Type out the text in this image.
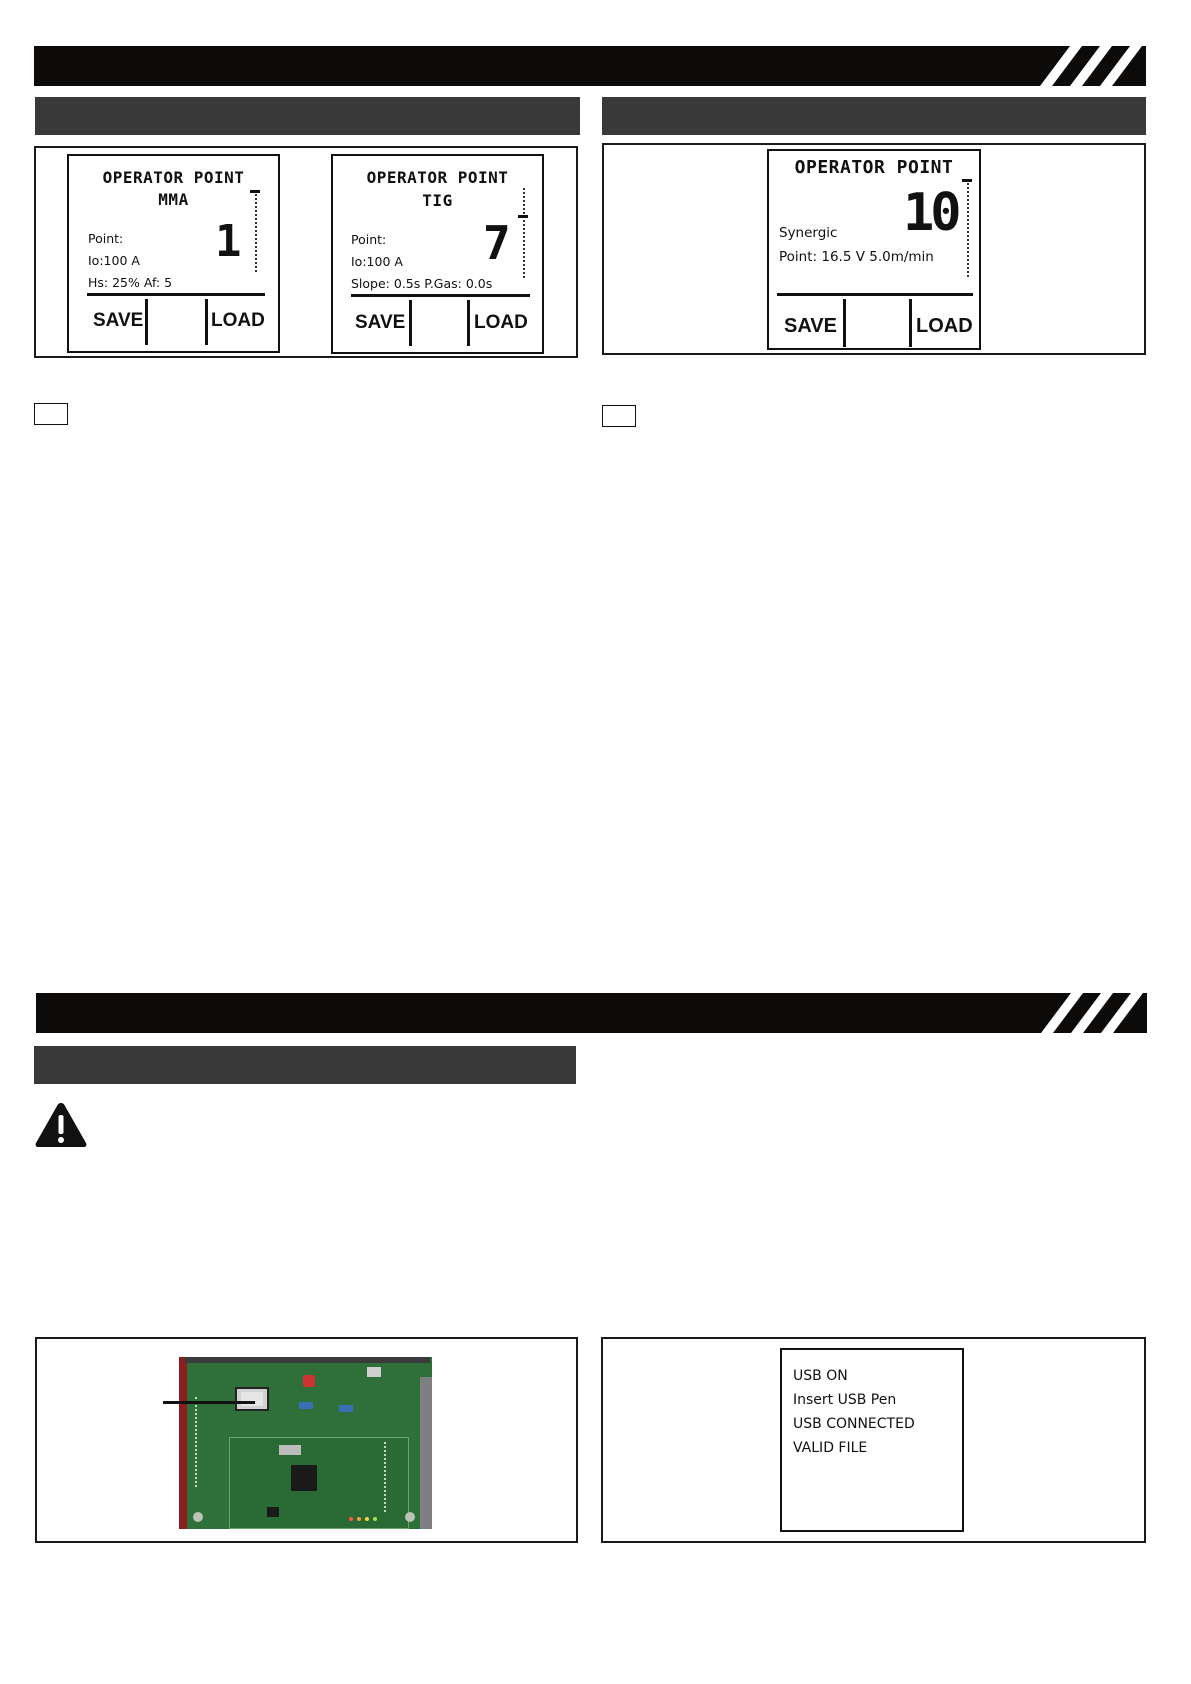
OPERATOR POINT
MMA
Point: 1
Io:100 A
Hs: 25% Af: 5
SAVE	LOAD
OPERATOR POINT
TIG
Point: 7
Io:100 A
Slope: 0.5s P.Gas: 0.0s
SAVE	LOAD
OPERATOR POINT
10
Synergic
Point: 16.5 V 5.0m/min
SAVE	LOAD
USB ON
Insert USB Pen
USB CONNECTED
VALID FILE
